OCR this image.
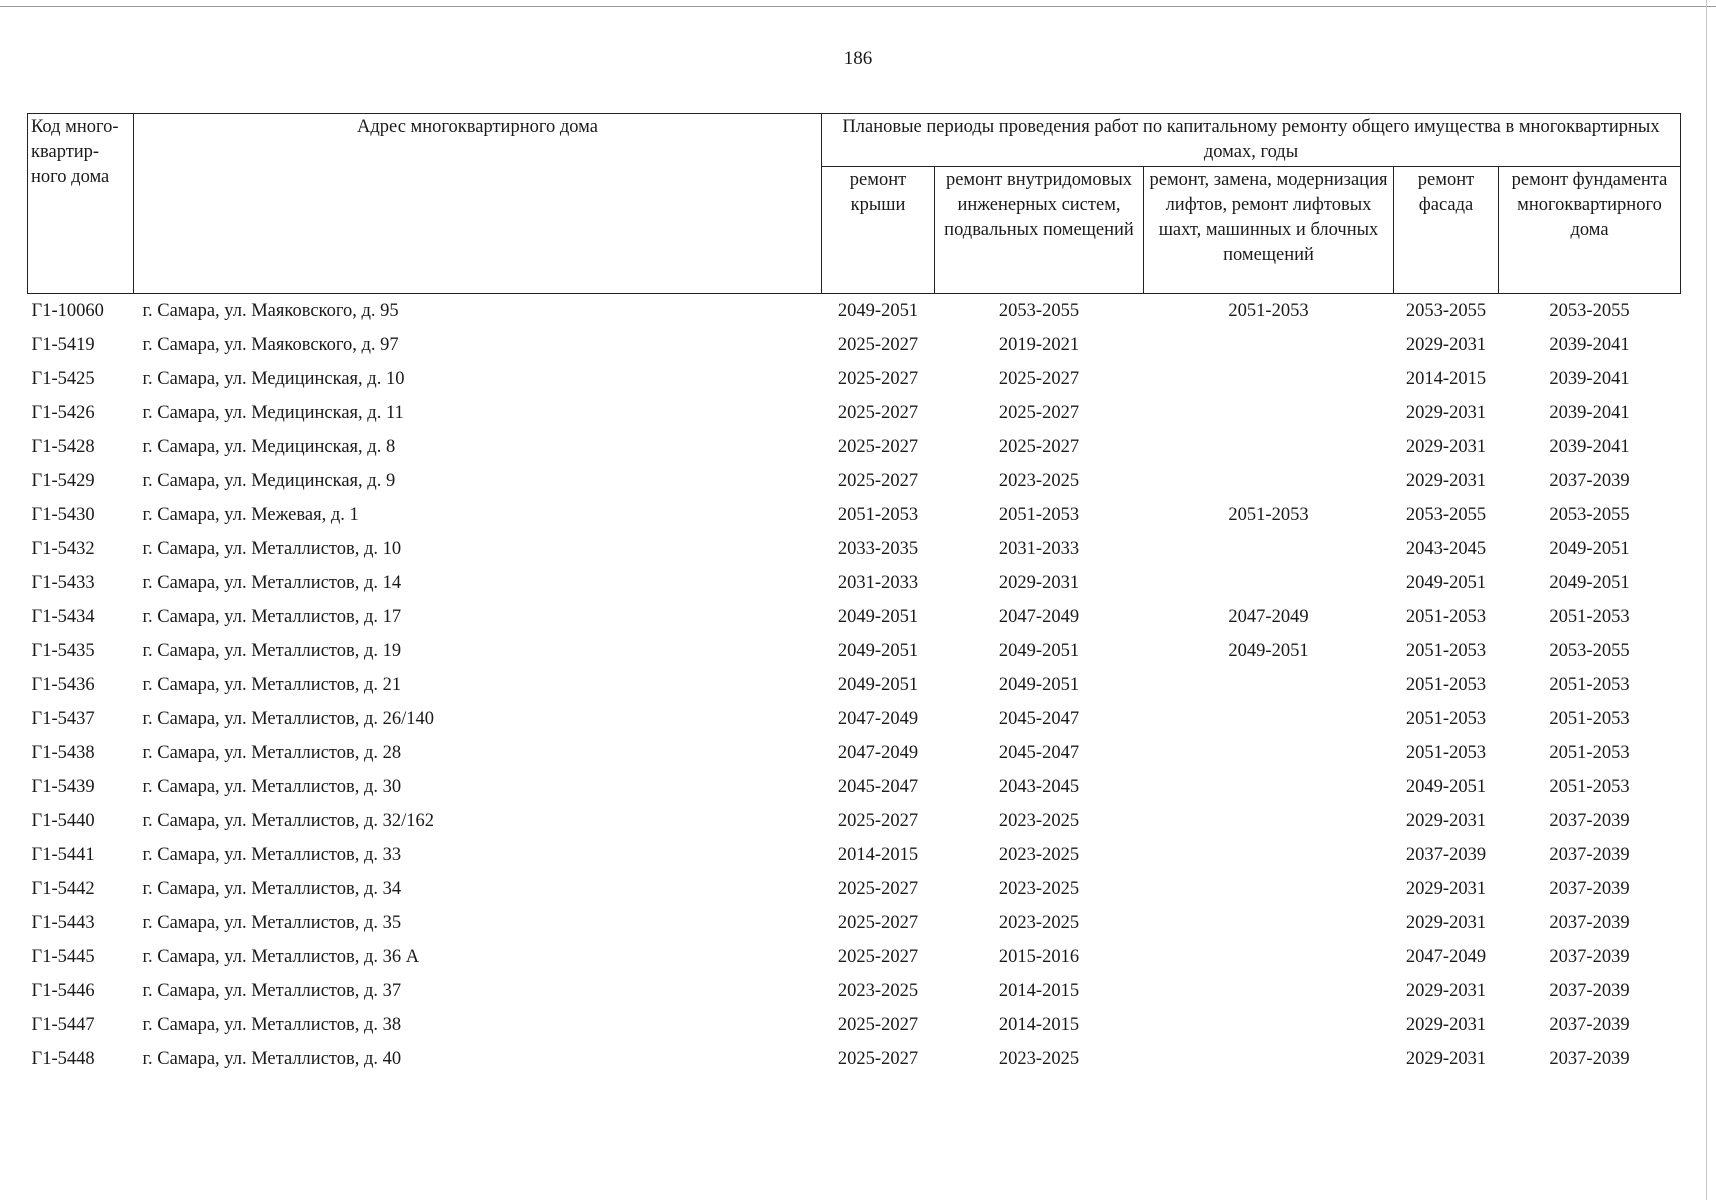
186
Код много-квартир-ного дома	Адрес многоквартирного дома	Плановые периоды проведения работ по капитальному ремонту общего имущества в многоквартирных домах, годы				
		ремонт крыши	ремонт внутридомовых инженерных систем, подвальных помещений	ремонт, замена, модернизация лифтов, ремонт лифтовых шахт, машинных и блочных помещений	ремонт фасада	ремонт фундамента многоквартирного дома
Г1-10060	г. Самара, ул. Маяковского, д. 95	2049-2051	2053-2055	2051-2053	2053-2055	2053-2055
Г1-5419	г. Самара, ул. Маяковского, д. 97	2025-2027	2019-2021		2029-2031	2039-2041
Г1-5425	г. Самара, ул. Медицинская, д. 10	2025-2027	2025-2027		2014-2015	2039-2041
Г1-5426	г. Самара, ул. Медицинская, д. 11	2025-2027	2025-2027		2029-2031	2039-2041
Г1-5428	г. Самара, ул. Медицинская, д. 8	2025-2027	2025-2027		2029-2031	2039-2041
Г1-5429	г. Самара, ул. Медицинская, д. 9	2025-2027	2023-2025		2029-2031	2037-2039
Г1-5430	г. Самара, ул. Межевая, д. 1	2051-2053	2051-2053	2051-2053	2053-2055	2053-2055
Г1-5432	г. Самара, ул. Металлистов, д. 10	2033-2035	2031-2033		2043-2045	2049-2051
Г1-5433	г. Самара, ул. Металлистов, д. 14	2031-2033	2029-2031		2049-2051	2049-2051
Г1-5434	г. Самара, ул. Металлистов, д. 17	2049-2051	2047-2049	2047-2049	2051-2053	2051-2053
Г1-5435	г. Самара, ул. Металлистов, д. 19	2049-2051	2049-2051	2049-2051	2051-2053	2053-2055
Г1-5436	г. Самара, ул. Металлистов, д. 21	2049-2051	2049-2051		2051-2053	2051-2053
Г1-5437	г. Самара, ул. Металлистов, д. 26/140	2047-2049	2045-2047		2051-2053	2051-2053
Г1-5438	г. Самара, ул. Металлистов, д. 28	2047-2049	2045-2047		2051-2053	2051-2053
Г1-5439	г. Самара, ул. Металлистов, д. 30	2045-2047	2043-2045		2049-2051	2051-2053
Г1-5440	г. Самара, ул. Металлистов, д. 32/162	2025-2027	2023-2025		2029-2031	2037-2039
Г1-5441	г. Самара, ул. Металлистов, д. 33	2014-2015	2023-2025		2037-2039	2037-2039
Г1-5442	г. Самара, ул. Металлистов, д. 34	2025-2027	2023-2025		2029-2031	2037-2039
Г1-5443	г. Самара, ул. Металлистов, д. 35	2025-2027	2023-2025		2029-2031	2037-2039
Г1-5445	г. Самара, ул. Металлистов, д. 36 А	2025-2027	2015-2016		2047-2049	2037-2039
Г1-5446	г. Самара, ул. Металлистов, д. 37	2023-2025	2014-2015		2029-2031	2037-2039
Г1-5447	г. Самара, ул. Металлистов, д. 38	2025-2027	2014-2015		2029-2031	2037-2039
Г1-5448	г. Самара, ул. Металлистов, д. 40	2025-2027	2023-2025		2029-2031	2037-2039
